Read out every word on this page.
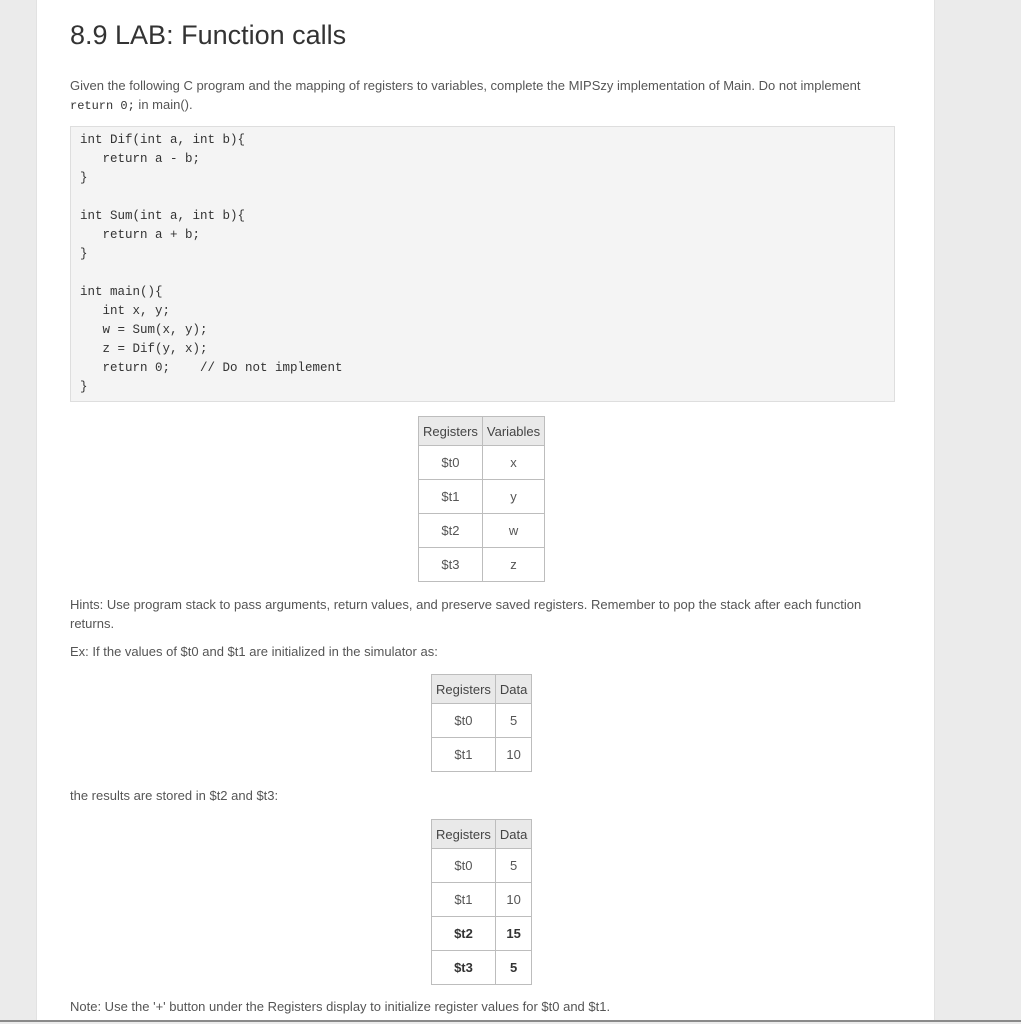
8.9 LAB: Function calls
Given the following C program and the mapping of registers to variables, complete the MIPSzy implementation of Main. Do not implement return 0; in main().
int Dif(int a, int b){
return a - b;
}
int Sum(int a, int b){
return a + b;
}
int main(){
int x, y;
w = Sum(x, y);
z = Dif(y, x);
return 0;    // Do not implement
}
Registers	Variables
$t0	x
$t1	y
$t2	w
$t3	z
Hints: Use program stack to pass arguments, return values, and preserve saved registers. Remember to pop the stack after each function returns.
Ex: If the values of $t0 and $t1 are initialized in the simulator as:
Registers	Data
$t0	5
$t1	10
the results are stored in $t2 and $t3:
Registers	Data
$t0	5
$t1	10
$t2	15
$t3	5
Note: Use the '+' button under the Registers display to initialize register values for $t0 and $t1.
